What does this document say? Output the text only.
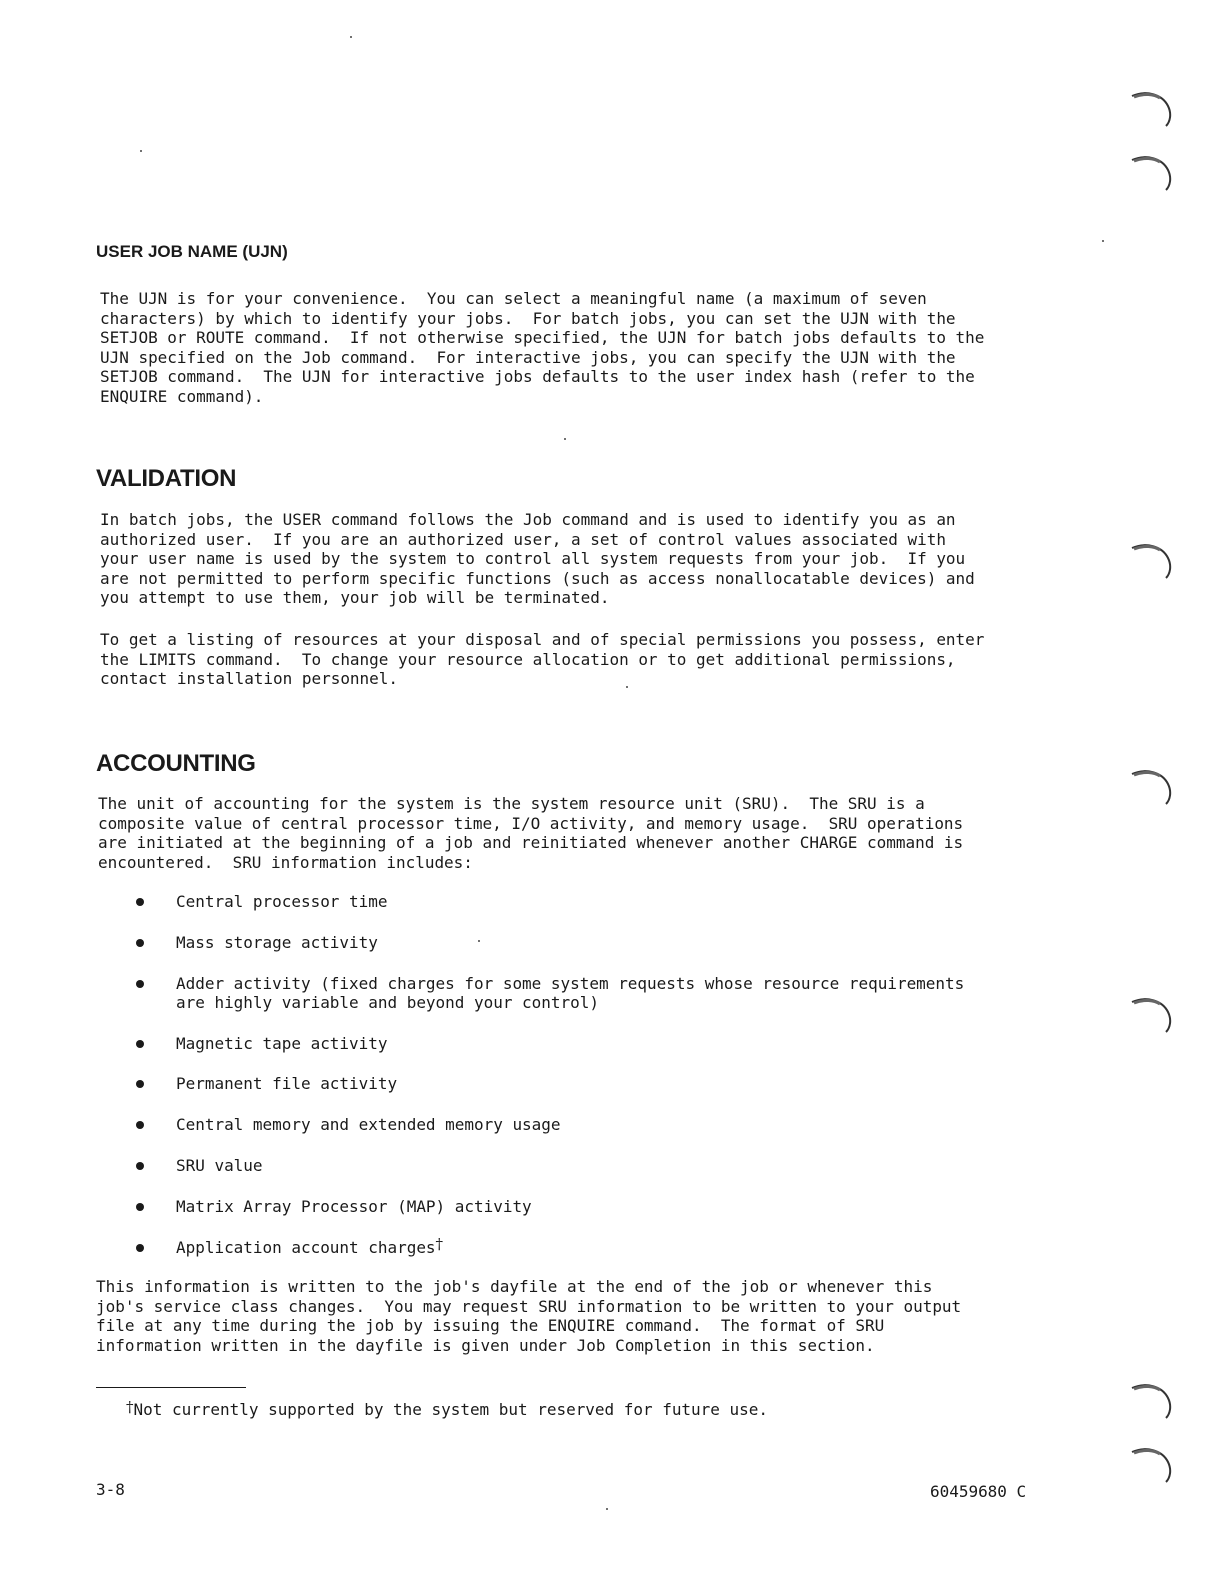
USER JOB NAME (UJN)

The UJN is for your convenience.  You can select a meaningful name (a maximum of seven
characters) by which to identify your jobs.  For batch jobs, you can set the UJN with the
SETJOB or ROUTE command.  If not otherwise specified, the UJN for batch jobs defaults to the
UJN specified on the Job command.  For interactive jobs, you can specify the UJN with the
SETJOB command.  The UJN for interactive jobs defaults to the user index hash (refer to the
ENQUIRE command).

VALIDATION

In batch jobs, the USER command follows the Job command and is used to identify you as an
authorized user.  If you are an authorized user, a set of control values associated with
your user name is used by the system to control all system requests from your job.  If you
are not permitted to perform specific functions (such as access nonallocatable devices) and
you attempt to use them, your job will be terminated.

To get a listing of resources at your disposal and of special permissions you possess, enter
the LIMITS command.  To change your resource allocation or to get additional permissions,
contact installation personnel.

ACCOUNTING

The unit of accounting for the system is the system resource unit (SRU).  The SRU is a
composite value of central processor time, I/O activity, and memory usage.  SRU operations
are initiated at the beginning of a job and reinitiated whenever another CHARGE command is
encountered.  SRU information includes:

Central processor time
Mass storage activity
Adder activity (fixed charges for some system requests whose resource requirements
are highly variable and beyond your control)
Magnetic tape activity
Permanent file activity
Central memory and extended memory usage
SRU value
Matrix Array Processor (MAP) activity
Application account charges†

This information is written to the job's dayfile at the end of the job or whenever this
job's service class changes.  You may request SRU information to be written to your output
file at any time during the job by issuing the ENQUIRE command.  The format of SRU
information written in the dayfile is given under Job Completion in this section.

†Not currently supported by the system but reserved for future use.
3-8	60459680 C
